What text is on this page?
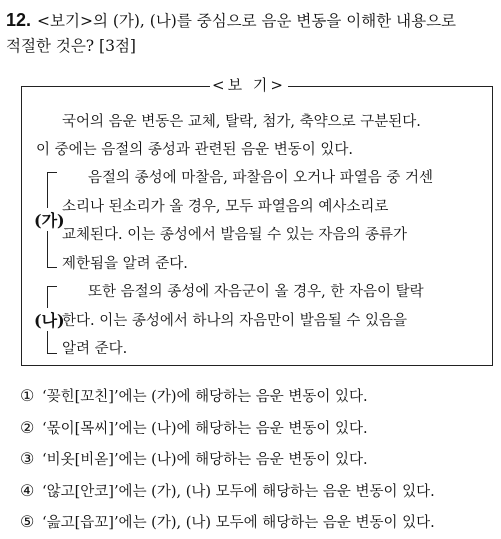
12. <보기>의 (가), (나)를 중심으로 음운 변동을 이해한 내용으로
적절한 것은? [3점]
<보 기>

국어의 음운 변동은 교체, 탈락, 첨가, 축약으로 구분된다.

이 중에는 음절의 종성과 관련된 음운 변동이 있다.

(가)

음절의 종성에 마찰음, 파찰음이 오거나 파열음 중 거센

소리나 된소리가 올 경우, 모두 파열음의 예사소리로

교체된다. 이는 종성에서 발음될 수 있는 자음의 종류가

제한됨을 알려 준다.

(나)

또한 음절의 종성에 자음군이 올 경우, 한 자음이 탈락

한다. 이는 종성에서 하나의 자음만이 발음될 수 있음을

알려 준다.

① ‘꽂힌[꼬친]’에는 (가)에 해당하는 음운 변동이 있다.
② ‘몫이[목씨]’에는 (나)에 해당하는 음운 변동이 있다.
③ ‘비옷[비옫]’에는 (나)에 해당하는 음운 변동이 있다.
④ ‘않고[안코]’에는 (가), (나) 모두에 해당하는 음운 변동이 있다.
⑤ ‘읊고[읍꼬]’에는 (가), (나) 모두에 해당하는 음운 변동이 있다.
